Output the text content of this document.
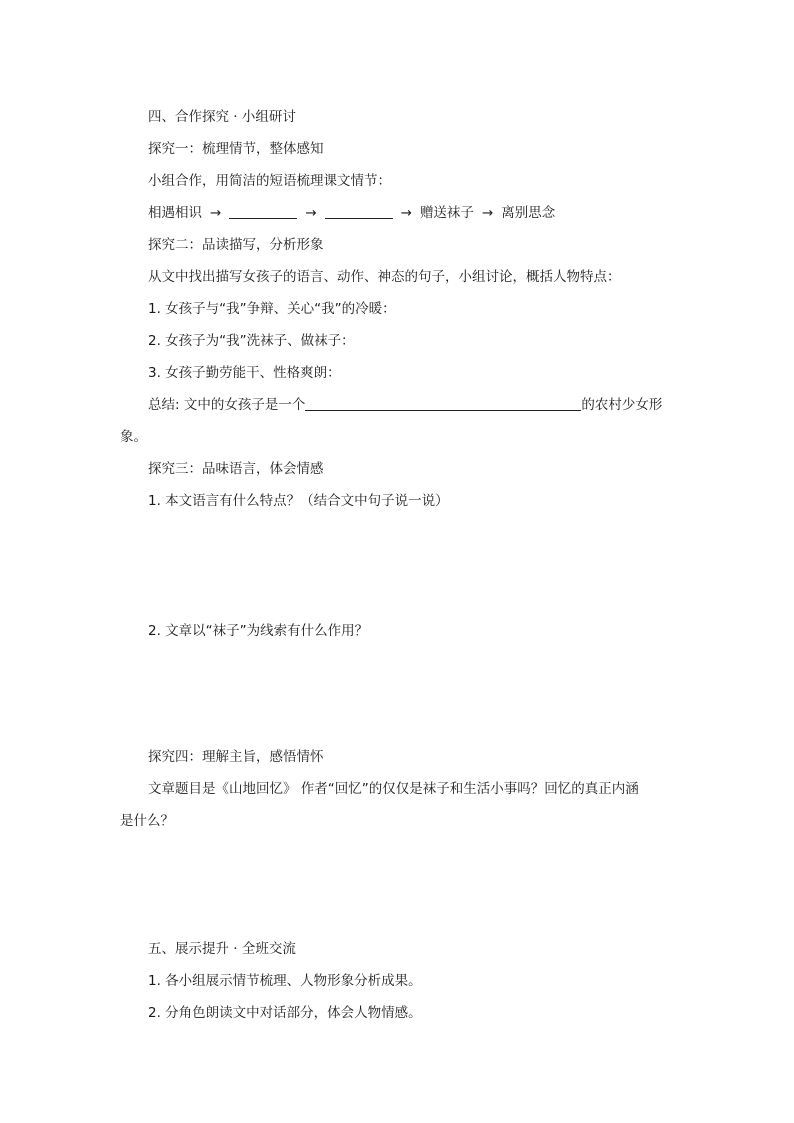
四、合作探究 · 小组研讨

探究一：梳理情节，整体感知

小组合作，用简洁的短语梳理课文情节：

相遇相识 →	→	→ 赠送袜子 → 离别思念

探究二：品读描写，分析形象

从文中找出描写女孩子的语言、动作、神态的句子，小组讨论，概括人物特点：

1. 女孩子与“我”争辩、关心“我”的冷暖：

2. 女孩子为“我”洗袜子、做袜子：

3. 女孩子勤劳能干、性格爽朗：

总结: 文中的女孩子是一个	的农村少女形

象。

探究三：品味语言，体会情感

1. 本文语言有什么特点？（结合文中句子说一说）

2. 文章以“袜子”为线索有什么作用？

探究四：理解主旨，感悟情怀

文章题目是《山地回忆》 作者“回忆”的仅仅是袜子和生活小事吗？回忆的真正内涵

是什么？

五、展示提升 · 全班交流

1. 各小组展示情节梳理、人物形象分析成果。

2. 分角色朗读文中对话部分，体会人物情感。
